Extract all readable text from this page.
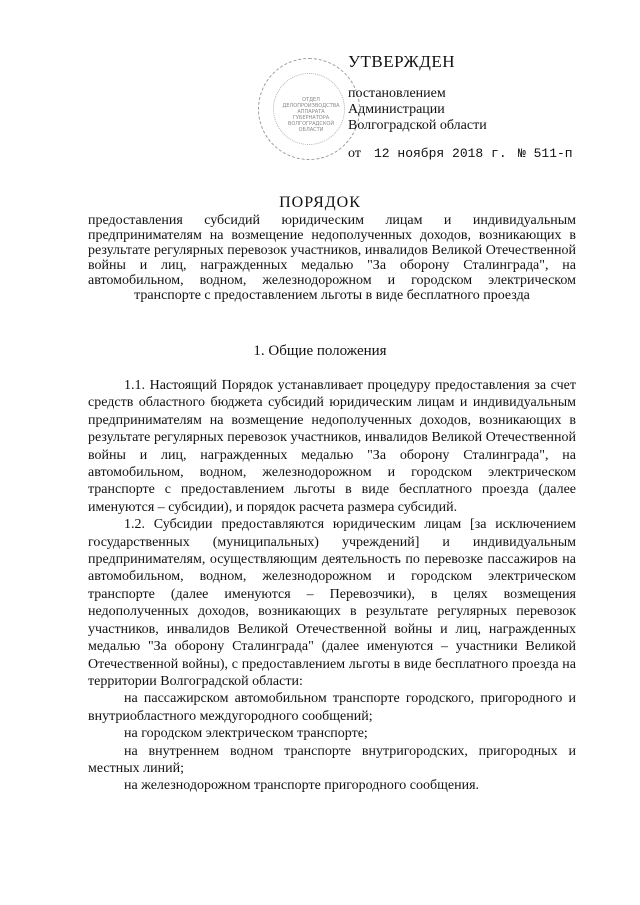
ОТДЕЛ
ДЕЛОПРОИЗВОДСТВА
АППАРАТА
ГУБЕРНАТОРА
ВОЛГОГРАДСКОЙ
ОБЛАСТИ
УТВЕРЖДЕН
постановлением
Администрации
Волгоградской области
от 12 ноября 2018 г. № 511-п
ПОРЯДОК
предоставления субсидий юридическим лицам и индивидуальным предпринимателям на возмещение недополученных доходов, возникающих в результате регулярных перевозок участников, инвалидов Великой Отечественной войны и лиц, награжденных медалью "За оборону Сталинграда", на автомобильном, водном, железнодорожном и городском электрическом транспорте с предоставлением льготы в виде бесплатного проезда
1. Общие положения

1.1. Настоящий Порядок устанавливает процедуру предоставления за счет средств областного бюджета субсидий юридическим лицам и индивидуальным предпринимателям на возмещение недополученных доходов, возникающих в результате регулярных перевозок участников, инвалидов Великой Отечественной войны и лиц, награжденных медалью "За оборону Сталинграда", на автомобильном, водном, железнодорожном и городском электрическом транспорте с предоставлением льготы в виде бесплатного проезда (далее именуются – субсидии), и порядок расчета размера субсидий.

1.2. Субсидии предоставляются юридическим лицам [за исключением государственных (муниципальных) учреждений] и индивидуальным предпринимателям, осуществляющим деятельность по перевозке пассажиров на автомобильном, водном, железнодорожном и городском электрическом транспорте (далее именуются – Перевозчики), в целях возмещения недополученных доходов, возникающих в результате регулярных перевозок участников, инвалидов Великой Отечественной войны и лиц, награжденных медалью "За оборону Сталинграда" (далее именуются – участники Великой Отечественной войны), с предоставлением льготы в виде бесплатного проезда на территории Волгоградской области:

на пассажирском автомобильном транспорте городского, пригородного и внутриобластного междугородного сообщений;

на городском электрическом транспорте;

на внутреннем водном транспорте внутригородских, пригородных и местных линий;

на железнодорожном транспорте пригородного сообщения.
